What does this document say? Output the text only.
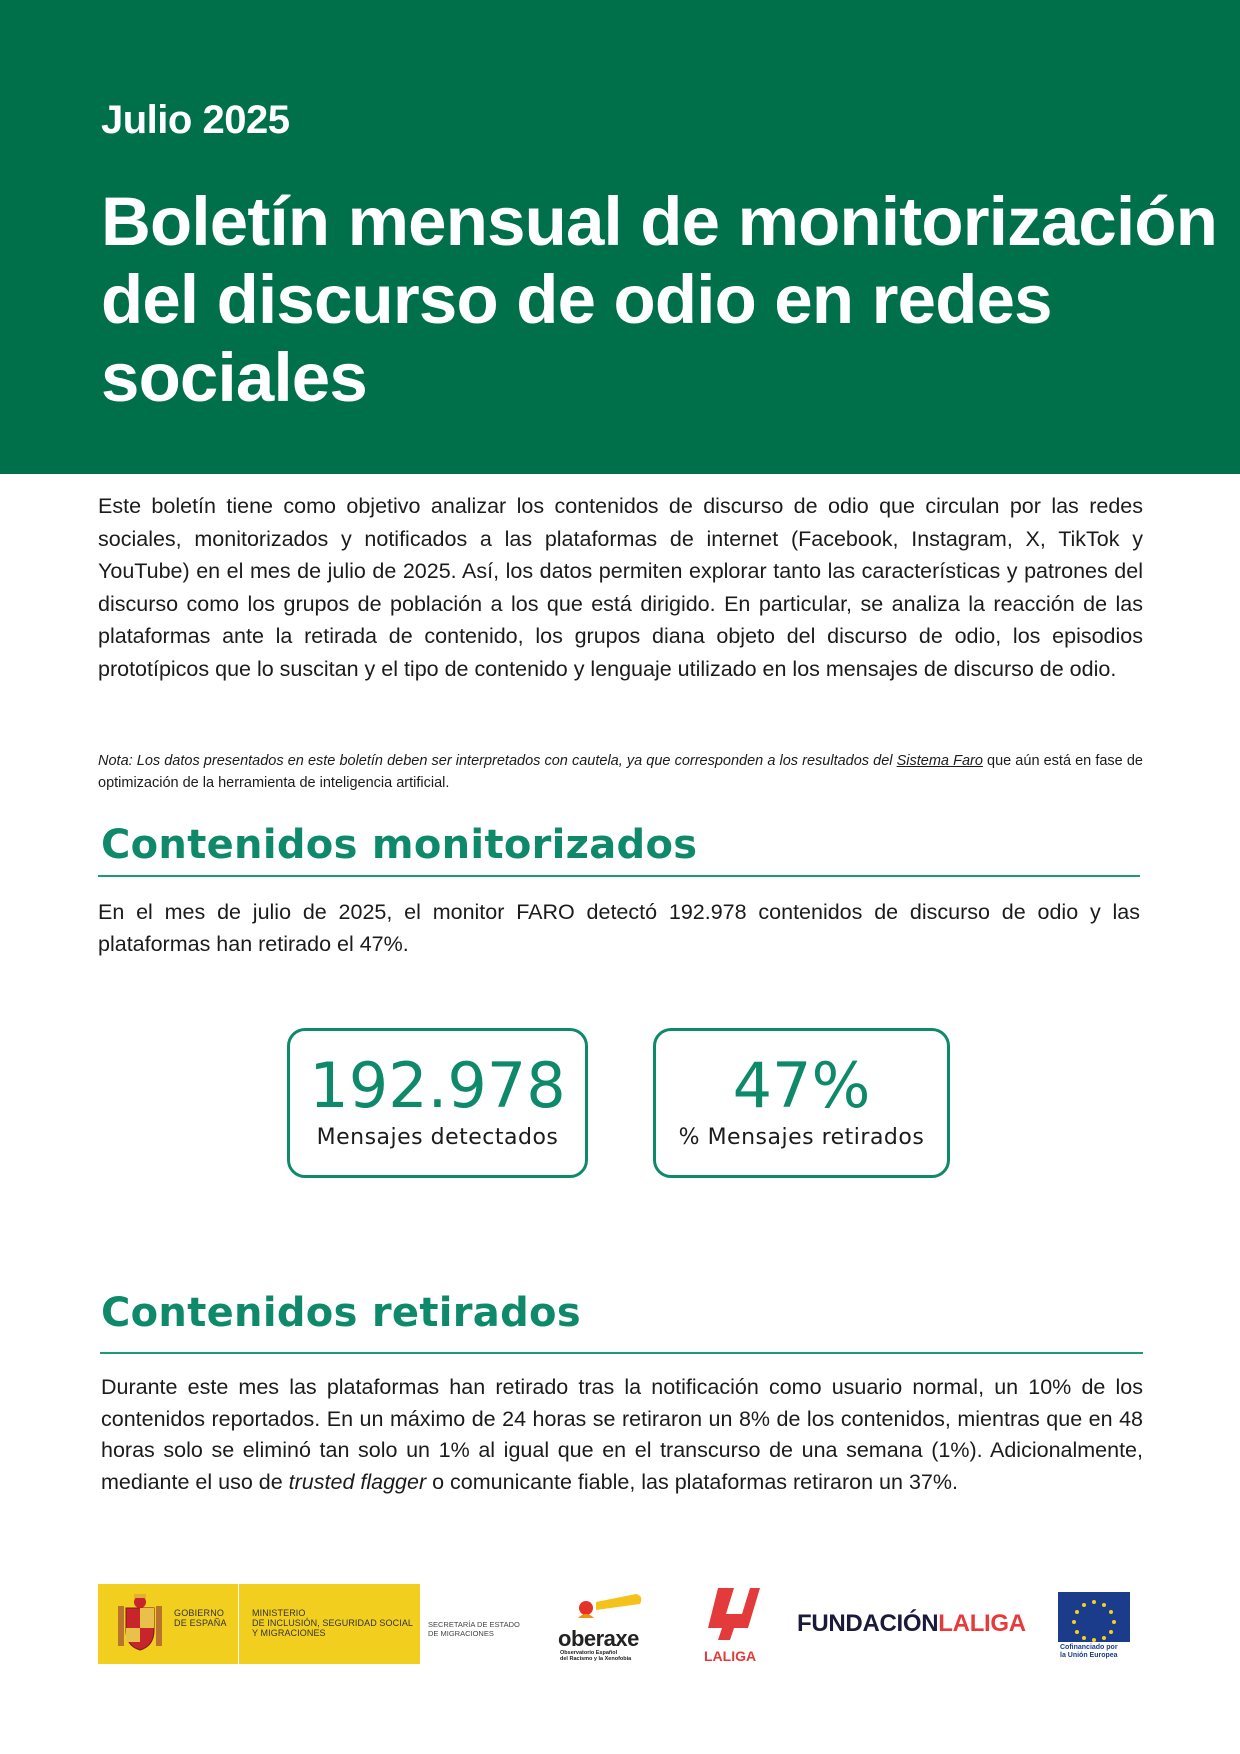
Julio 2025
Boletín mensual de monitorización del discurso de odio en redes sociales
Este boletín tiene como objetivo analizar los contenidos de discurso de odio que circulan por las redes sociales, monitorizados y notificados a las plataformas de internet (Facebook, Instagram, X, TikTok y YouTube) en el mes de julio de 2025. Así, los datos permiten explorar tanto las características y patrones del discurso como los grupos de población a los que está dirigido. En particular, se analiza la reacción de las plataformas ante la retirada de contenido, los grupos diana objeto del discurso de odio, los episodios prototípicos que lo suscitan y el tipo de contenido y lenguaje utilizado en los mensajes de discurso de odio.
Nota: Los datos presentados en este boletín deben ser interpretados con cautela, ya que corresponden a los resultados del Sistema Faro que aún está en fase de optimización de la herramienta de inteligencia artificial.
Contenidos monitorizados
En el mes de julio de 2025, el monitor FARO detectó 192.978 contenidos de discurso de odio y las plataformas han retirado el 47%.
192.978
Mensajes detectados
47%
% Mensajes retirados
Contenidos retirados
Durante este mes las plataformas han retirado tras la notificación como usuario normal, un 10% de los contenidos reportados. En un máximo de 24 horas se retiraron un 8% de los contenidos, mientras que en 48 horas solo se eliminó tan solo un 1% al igual que en el transcurso de una semana (1%). Adicionalmente, mediante el uso de trusted flagger o comunicante fiable, las plataformas retiraron un 37%.
GOBIERNO
DE ESPAÑA
MINISTERIO
DE INCLUSIÓN, SEGURIDAD SOCIAL
Y MIGRACIONES
SECRETARÍA DE ESTADO
DE MIGRACIONES	oberaxe
Observatorio Español
del Racismo y la Xenofobia	LALIGA
FUNDACIÓNLALIGA
Cofinanciado por
la Unión Europea
